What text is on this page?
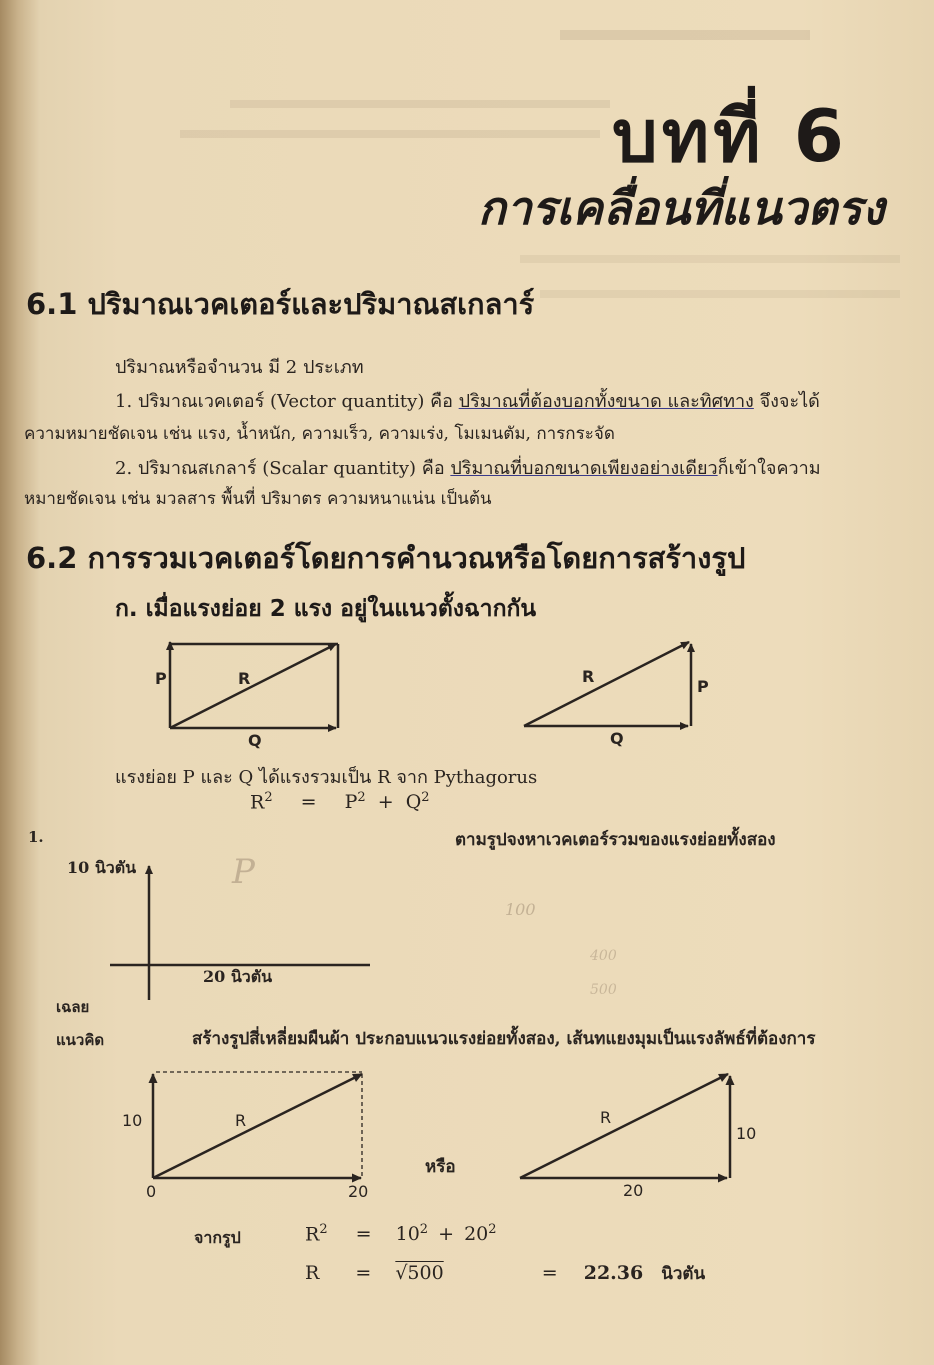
บทที่ 6
การเคลื่อนที่แนวตรง
6.1 ปริมาณเวคเตอร์และปริมาณสเกลาร์
ปริมาณหรือจำนวน มี 2 ประเภท
1. ปริมาณเวคเตอร์ (Vector quantity) คือ ปริมาณที่ต้องบอกทั้งขนาด และทิศทาง จึงจะได้
ความหมายชัดเจน เช่น แรง, น้ำหนัก, ความเร็ว, ความเร่ง, โมเมนตัม, การกระจัด
2. ปริมาณสเกลาร์ (Scalar quantity) คือ ปริมาณที่บอกขนาดเพียงอย่างเดียวก็เข้าใจความ
หมายชัดเจน เช่น มวลสาร พื้นที่ ปริมาตร ความหนาแน่น เป็นต้น
6.2 การรวมเวคเตอร์โดยการคำนวณหรือโดยการสร้างรูป
ก. เมื่อแรงย่อย 2 แรง อยู่ในแนวตั้งฉากกัน
P	R
Q
R
P
Q
แรงย่อย P และ Q ได้แรงรวมเป็น R จาก Pythagorus
$R^2 = P^2 + Q^2$
1.	ตามรูปจงหาเวคเตอร์รวมของแรงย่อยทั้งสอง
10 นิวตัน
20 นิวตัน
P
100
400
500
เฉลย
แนวคิด	สร้างรูปสี่เหลี่ยมผืนผ้า ประกอบแนวแรงย่อยทั้งสอง, เส้นทแยงมุมเป็นแรงลัพธ์ที่ต้องการ
10	R
0	20
หรือ
R
10
20
จากรูป	$R^2 = 10^2 + 20^2$
R = √500	= 22.36 นิวตัน
